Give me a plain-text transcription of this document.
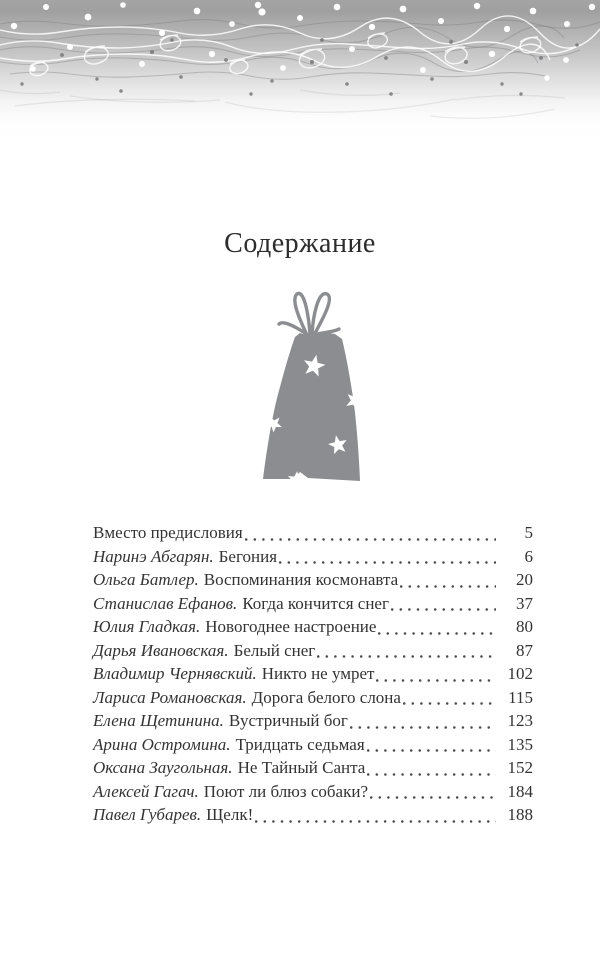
Содержание
Вместо предисловия	5
Наринэ Абгарян. Бегония	6
Ольга Батлер. Воспоминания космонавта	20
Станислав Ефанов. Когда кончится снег	37
Юлия Гладкая. Новогоднее настроение	80
Дарья Ивановская. Белый снег	87
Владимир Чернявский. Никто не умрет	102
Лариса Романовская. Дорога белого слона	115
Елена Щетинина. Вустричный бог	123
Арина Остромина. Тридцать седьмая	135
Оксана Заугольная. Не Тайный Санта	152
Алексей Гагач. Поют ли блюз собаки?	184
Павел Губарев. Щелк!	188
